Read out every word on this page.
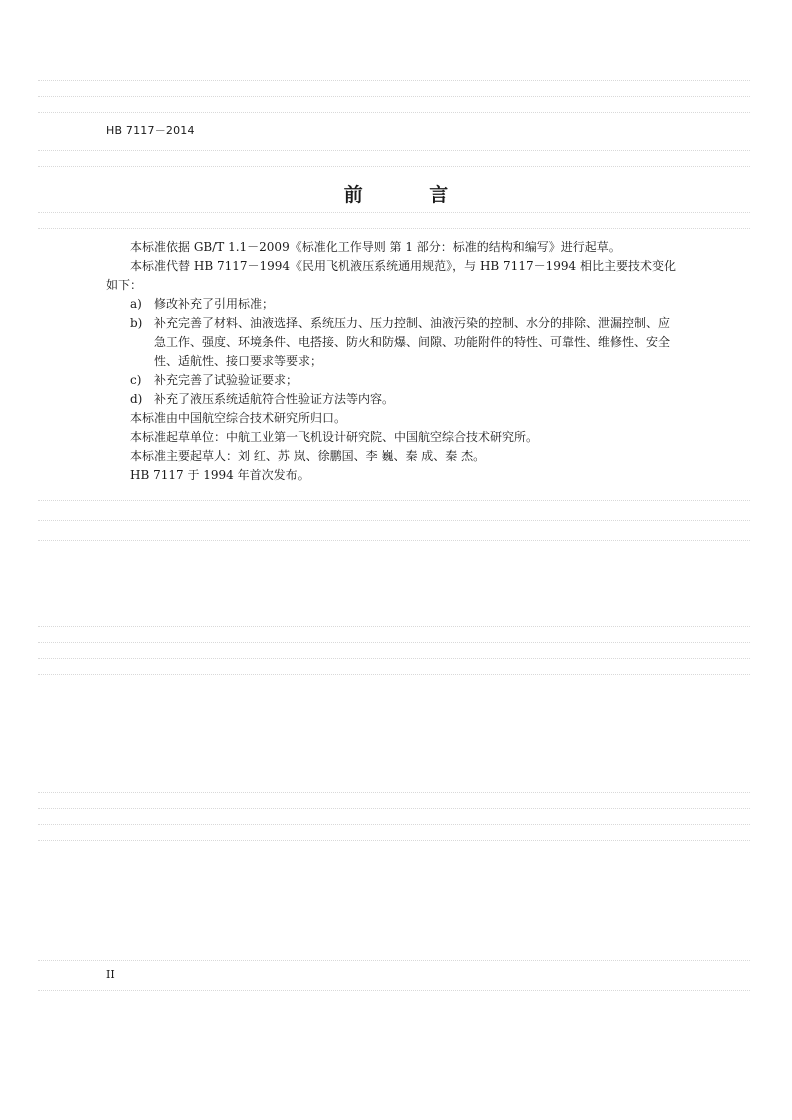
HB 7117－2014
前 言

本标准依据 GB/T 1.1－2009《标准化工作导则 第 1 部分：标准的结构和编写》进行起草。

本标准代替 HB 7117－1994《民用飞机液压系统通用规范》，与 HB 7117－1994 相比主要技术变化如下：

a)	修改补充了引用标准；
b) 补充完善了材料、油液选择、系统压力、压力控制、油液污染的控制、水分的排除、泄漏控制、应急工作、强度、环境条件、电搭接、防火和防爆、间隙、功能附件的特性、可靠性、维修性、安全性、适航性、接口要求等要求；
c)	补充完善了试验验证要求；
d) 补充了液压系统适航符合性验证方法等内容。

本标准由中国航空综合技术研究所归口。

本标准起草单位：中航工业第一飞机设计研究院、中国航空综合技术研究所。

本标准主要起草人：刘 红、苏 岚、徐鹏国、李 巍、秦 成、秦 杰。

HB 7117 于 1994 年首次发布。

II
